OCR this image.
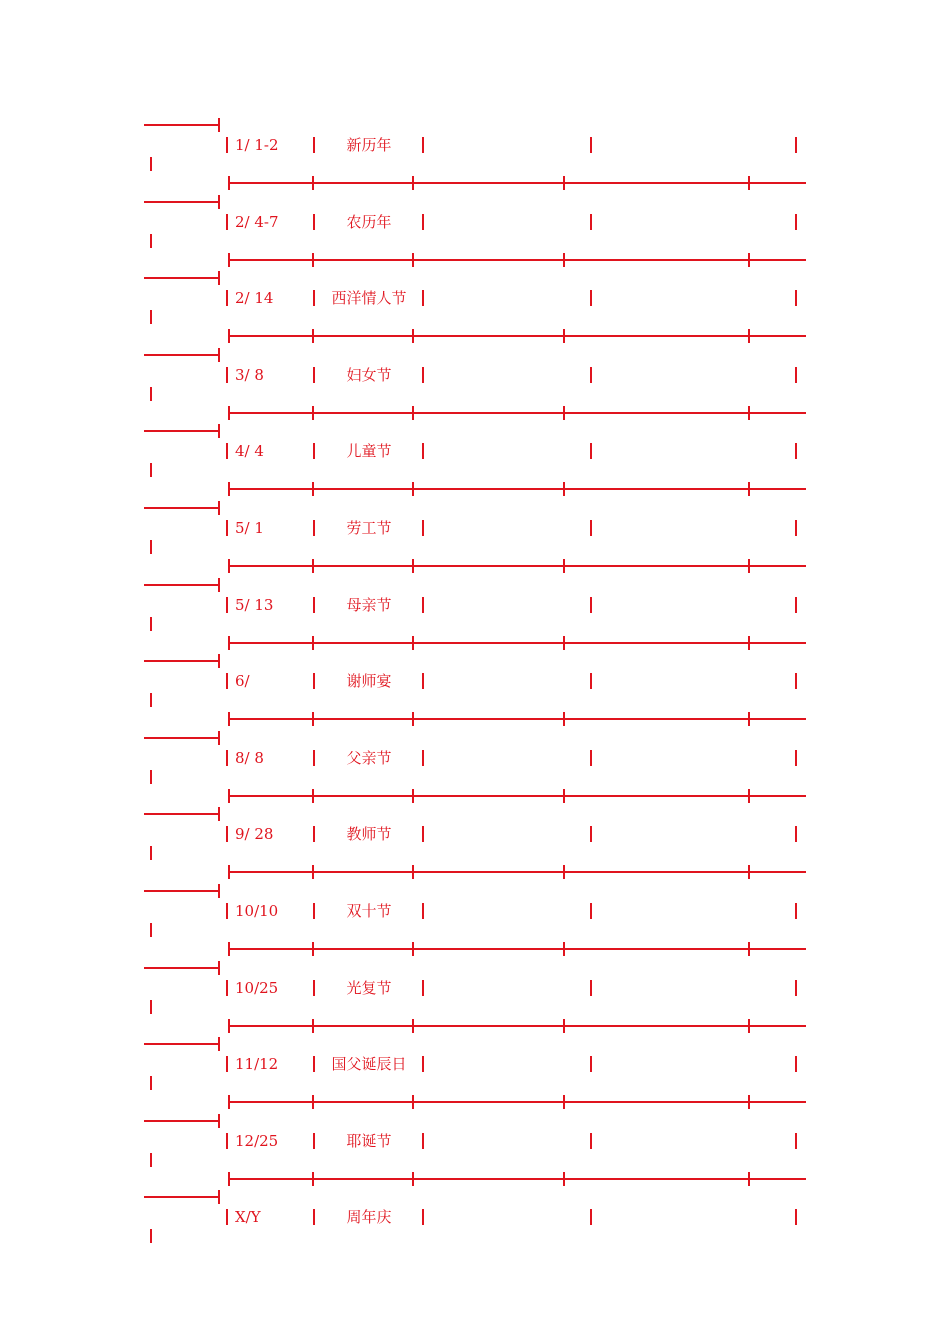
1/ 1-2	新历年
2/ 4-7	农历年
2/ 14	西洋情人节
3/ 8	妇女节
4/ 4	儿童节
5/ 1	劳工节
5/ 13	母亲节
6/	谢师宴
8/ 8	父亲节
9/ 28	教师节
10/10	双十节
10/25	光复节
11/12	国父诞辰日
12/25	耶诞节
X/Y	周年庆
